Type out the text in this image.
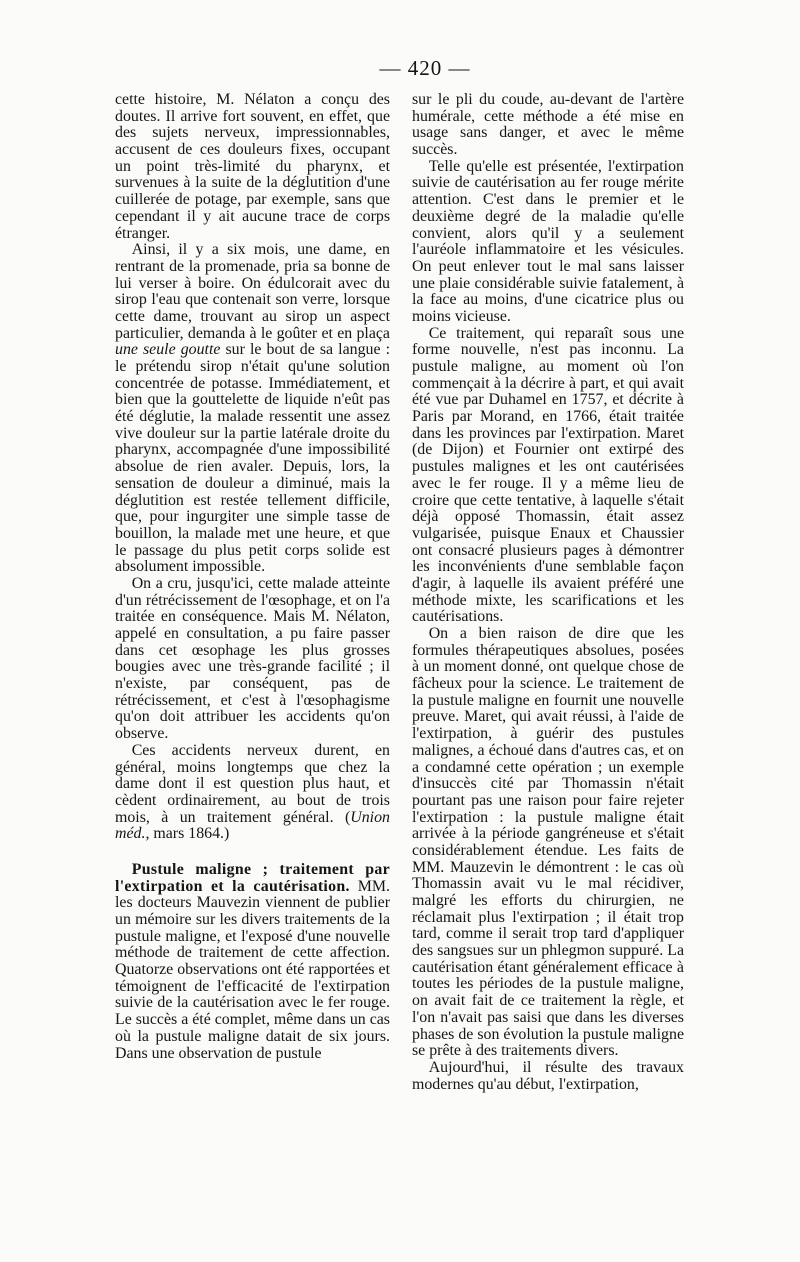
— 420 —

cette histoire, M. Nélaton a conçu des doutes. Il arrive fort souvent, en effet, que des sujets nerveux, impressionnables, accusent de ces douleurs fixes, occupant un point très-limité du pharynx, et survenues à la suite de la déglutition d'une cuillerée de potage, par exemple, sans que cependant il y ait aucune trace de corps étranger.

Ainsi, il y a six mois, une dame, en rentrant de la promenade, pria sa bonne de lui verser à boire. On édulcorait avec du sirop l'eau que contenait son verre, lorsque cette dame, trouvant au sirop un aspect particulier, demanda à le goûter et en plaça une seule goutte sur le bout de sa langue : le prétendu sirop n'était qu'une solution concentrée de potasse. Immédiatement, et bien que la gouttelette de liquide n'eût pas été déglutie, la malade ressentit une assez vive douleur sur la partie latérale droite du pharynx, accompagnée d'une impossibilité absolue de rien avaler. Depuis, lors, la sensation de douleur a diminué, mais la déglutition est restée tellement difficile, que, pour ingurgiter une simple tasse de bouillon, la malade met une heure, et que le passage du plus petit corps solide est absolument impossible.

On a cru, jusqu'ici, cette malade atteinte d'un rétrécissement de l'œsophage, et on l'a traitée en conséquence. Mais M. Nélaton, appelé en consultation, a pu faire passer dans cet œsophage les plus grosses bougies avec une très-grande facilité ; il n'existe, par conséquent, pas de rétrécissement, et c'est à l'œsophagisme qu'on doit attribuer les accidents qu'on observe.

Ces accidents nerveux durent, en général, moins longtemps que chez la dame dont il est question plus haut, et cèdent ordinairement, au bout de trois mois, à un traitement général. (Union méd., mars 1864.)

Pustule maligne ; traitement par l'extirpation et la cautérisation. MM. les docteurs Mauvezin viennent de publier un mémoire sur les divers traitements de la pustule maligne, et l'exposé d'une nouvelle méthode de traitement de cette affection. Quatorze observations ont été rapportées et témoignent de l'efficacité de l'extirpation suivie de la cautérisation avec le fer rouge. Le succès a été complet, même dans un cas où la pustule maligne datait de six jours. Dans une observation de pustule

sur le pli du coude, au-devant de l'artère humérale, cette méthode a été mise en usage sans danger, et avec le même succès.

Telle qu'elle est présentée, l'extirpation suivie de cautérisation au fer rouge mérite attention. C'est dans le premier et le deuxième degré de la maladie qu'elle convient, alors qu'il y a seulement l'auréole inflammatoire et les vésicules. On peut enlever tout le mal sans laisser une plaie considérable suivie fatalement, à la face au moins, d'une cicatrice plus ou moins vicieuse.

Ce traitement, qui reparaît sous une forme nouvelle, n'est pas inconnu. La pustule maligne, au moment où l'on commençait à la décrire à part, et qui avait été vue par Duhamel en 1757, et décrite à Paris par Morand, en 1766, était traitée dans les provinces par l'extirpation. Maret (de Dijon) et Fournier ont extirpé des pustules malignes et les ont cautérisées avec le fer rouge. Il y a même lieu de croire que cette tentative, à laquelle s'était déjà opposé Thomassin, était assez vulgarisée, puisque Enaux et Chaussier ont consacré plusieurs pages à démontrer les inconvénients d'une semblable façon d'agir, à laquelle ils avaient préféré une méthode mixte, les scarifications et les cautérisations.

On a bien raison de dire que les formules thérapeutiques absolues, posées à un moment donné, ont quelque chose de fâcheux pour la science. Le traitement de la pustule maligne en fournit une nouvelle preuve. Maret, qui avait réussi, à l'aide de l'extirpation, à guérir des pustules malignes, a échoué dans d'autres cas, et on a condamné cette opération ; un exemple d'insuccès cité par Thomassin n'était pourtant pas une raison pour faire rejeter l'extirpation : la pustule maligne était arrivée à la période gangréneuse et s'était considérablement étendue. Les faits de MM. Mauzevin le démontrent : le cas où Thomassin avait vu le mal récidiver, malgré les efforts du chirurgien, ne réclamait plus l'extirpation ; il était trop tard, comme il serait trop tard d'appliquer des sangsues sur un phlegmon suppuré. La cautérisation étant généralement efficace à toutes les périodes de la pustule maligne, on avait fait de ce traitement la règle, et l'on n'avait pas saisi que dans les diverses phases de son évolution la pustule maligne se prête à des traitements divers.

Aujourd'hui, il résulte des travaux modernes qu'au début, l'extirpation,
